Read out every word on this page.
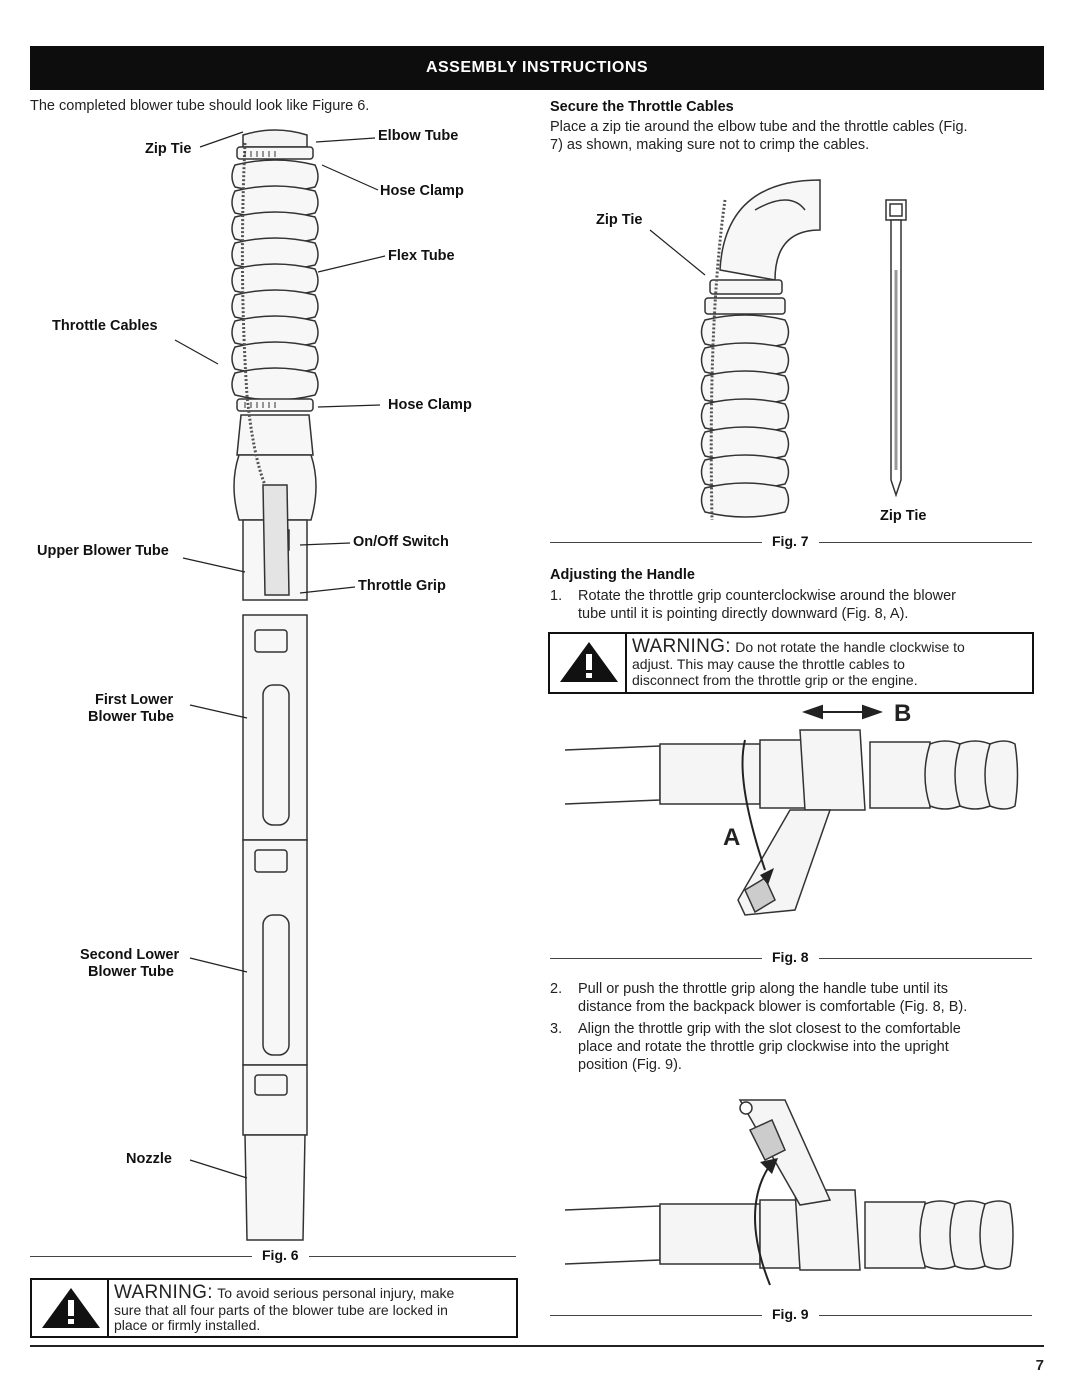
ASSEMBLY INSTRUCTIONS
The completed blower tube should look like Figure 6.
Zip Tie
Elbow Tube
Hose Clamp
Flex Tube
Throttle Cables
Hose Clamp
Upper Blower Tube
On/Off Switch
Throttle Grip
First Lower
Blower Tube
Second Lower
Blower Tube
Nozzle
Fig. 6
WARNING: To avoid serious personal injury, make
sure that all four parts of the blower tube are locked in
place or firmly installed.
Secure the Throttle Cables
Place a zip tie around the elbow tube and the throttle cables (Fig.
7) as shown, making sure not to crimp the cables.
Zip Tie
Zip Tie
Fig. 7
Adjusting the Handle
1. Rotate the throttle grip counterclockwise around the blower
tube until it is pointing directly downward (Fig. 8, A).
WARNING: Do not rotate the handle clockwise to
adjust. This may cause the throttle cables to
disconnect from the throttle grip or the engine.
B
A
Fig. 8
2. Pull or push the throttle grip along the handle tube until its
distance from the backpack blower is comfortable (Fig. 8, B).
3. Align the throttle grip with the slot closest to the comfortable
place and rotate the throttle grip clockwise into the upright
position (Fig. 9).
Fig. 9
7
